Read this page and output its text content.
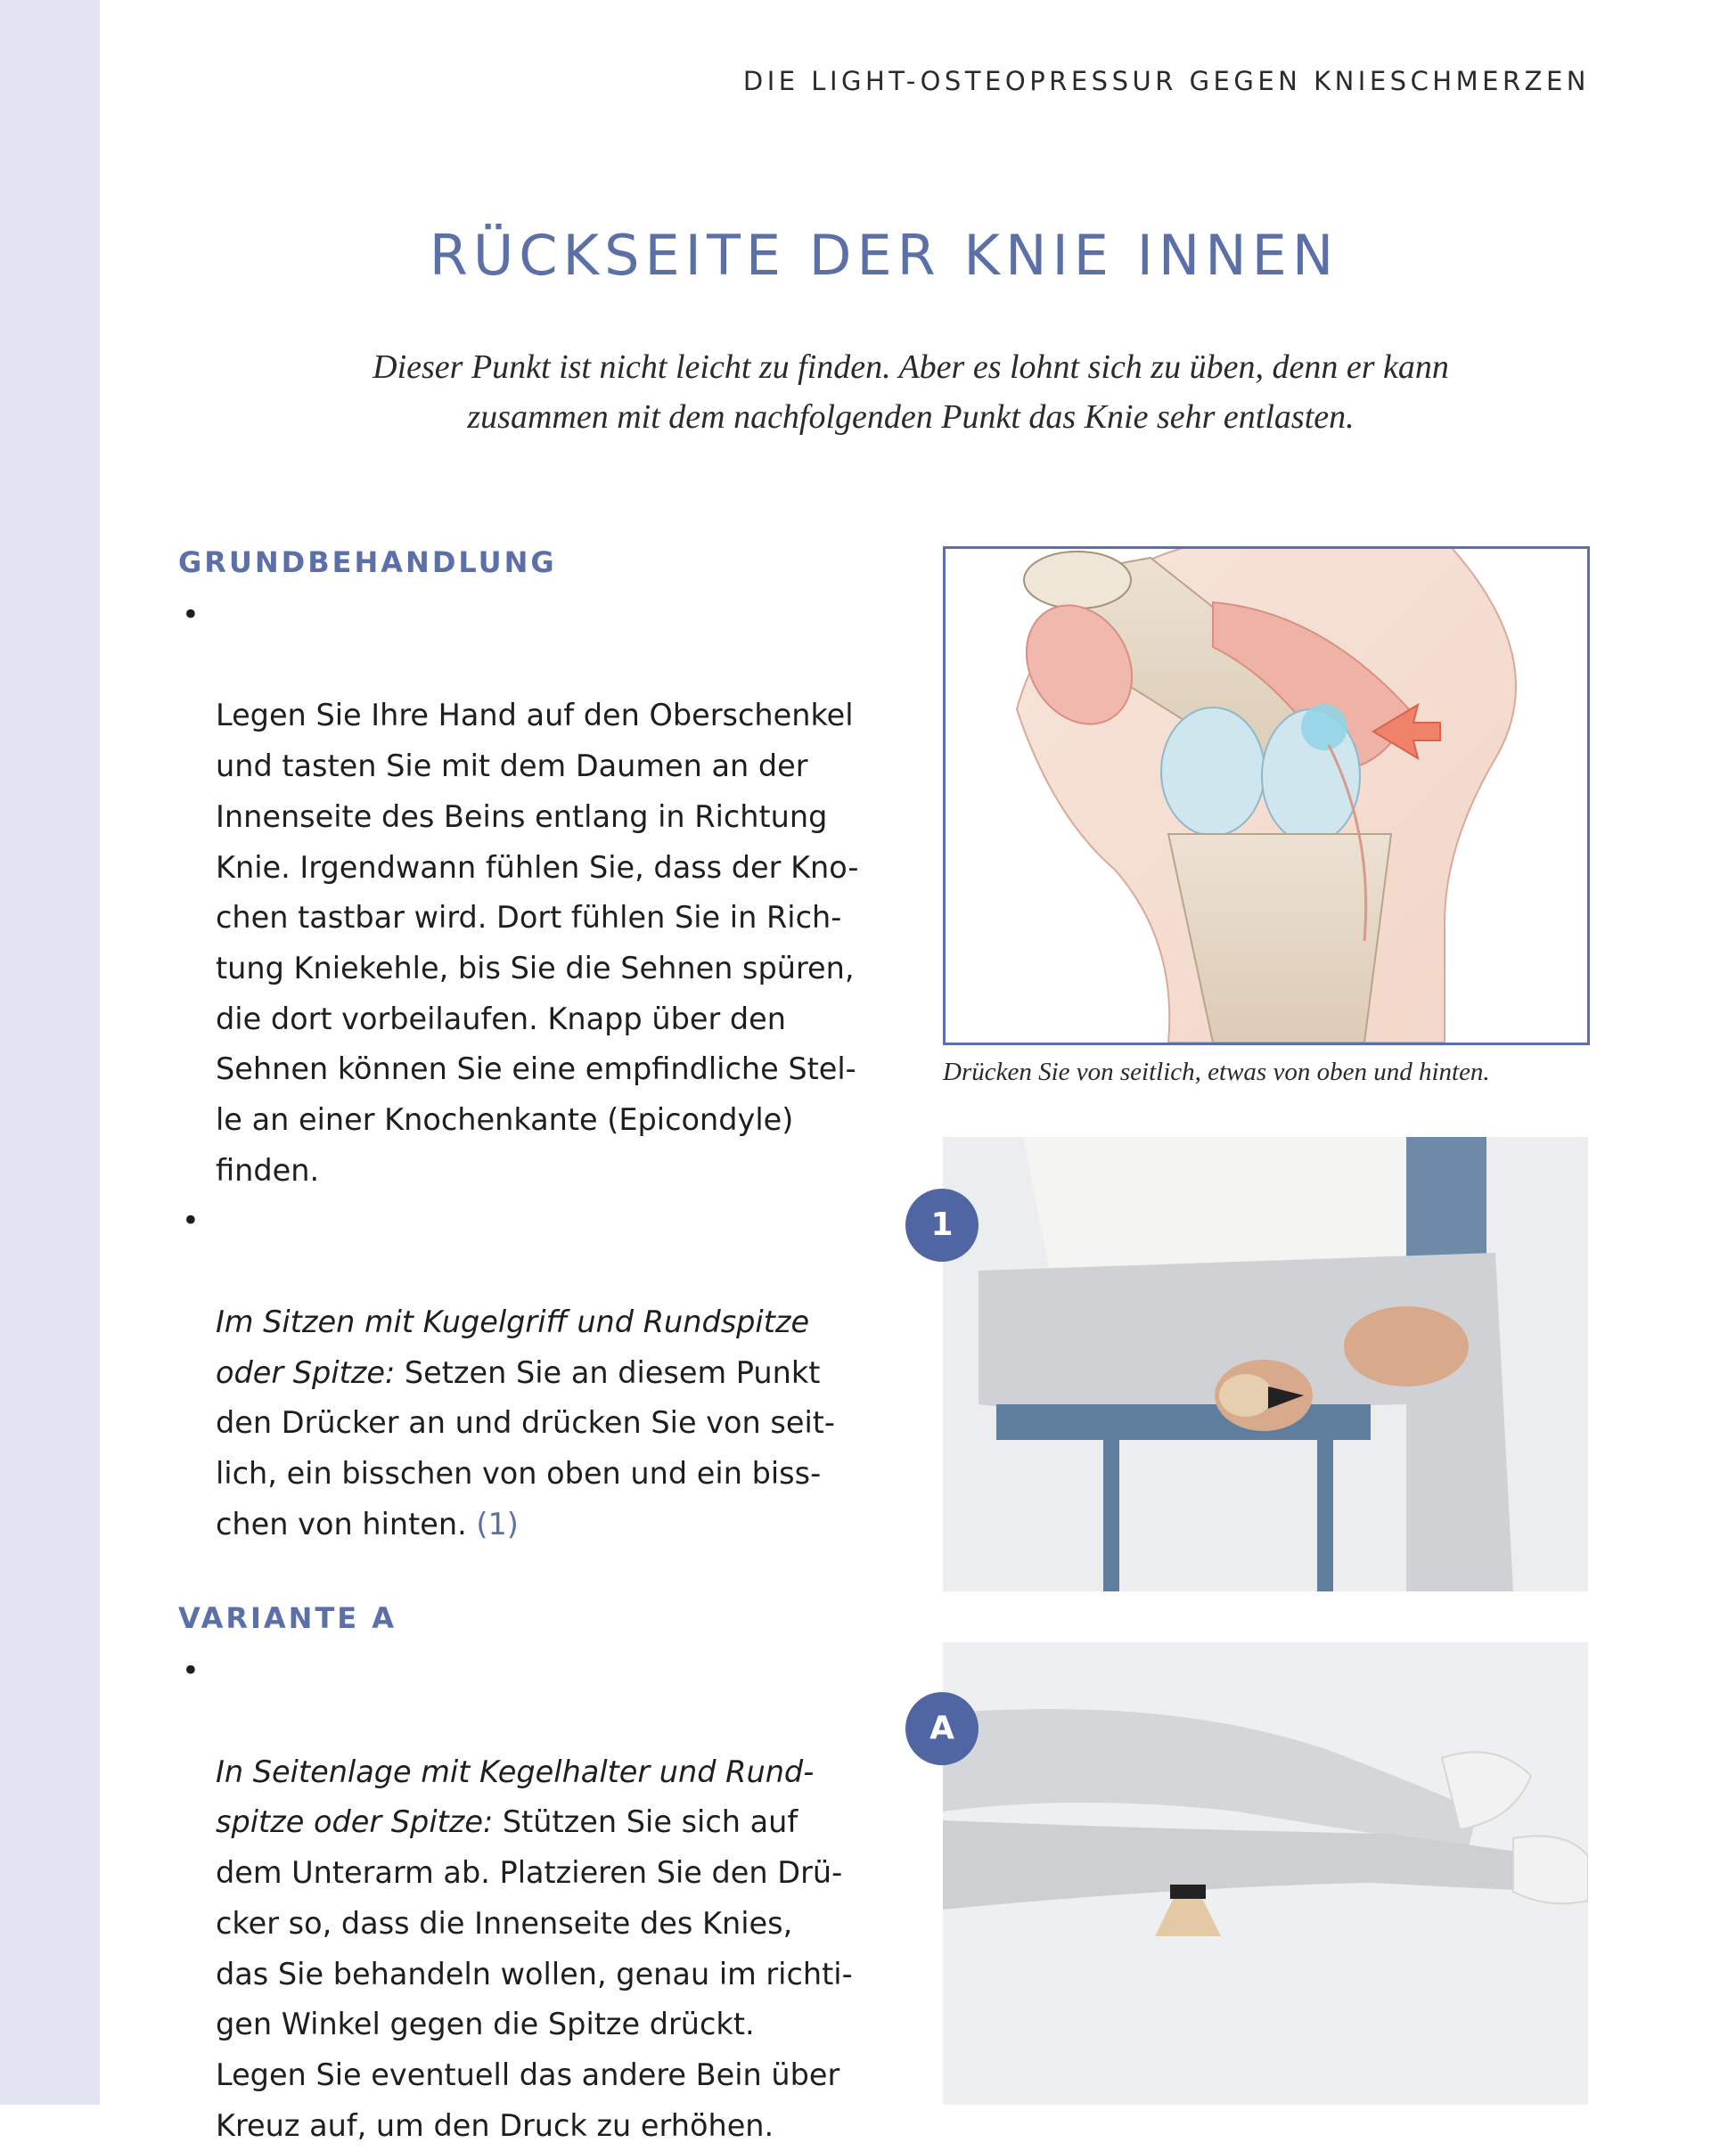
DIE LIGHT-OSTEOPRESSUR GEGEN KNIESCHMERZEN
RÜCKSEITE DER KNIE INNEN

Dieser Punkt ist nicht leicht zu finden. Aber es lohnt sich zu üben, denn er kann
zusammen mit dem nachfolgenden Punkt das Knie sehr entlasten.

GRUNDBEHANDLUNG

•

Legen Sie Ihre Hand auf den Oberschenkel
und tasten Sie mit dem Daumen an der
Innenseite des Beins entlang in Richtung
Knie. Irgendwann fühlen Sie, dass der Kno-
chen tastbar wird. Dort fühlen Sie in Rich-
tung Kniekehle, bis Sie die Sehnen spüren,
die dort vorbeilaufen. Knapp über den
Sehnen können Sie eine empfindliche Stel-
le an einer Knochenkante (Epicondyle)
finden.

•

Im Sitzen mit Kugelgriff und Rundspitze
oder Spitze: Setzen Sie an diesem Punkt
den Drücker an und drücken Sie von seit-
lich, ein bisschen von oben und ein biss-
chen von hinten. (1)

VARIANTE A

•

In Seitenlage mit Kegelhalter und Rund-
spitze oder Spitze: Stützen Sie sich auf
dem Unterarm ab. Platzieren Sie den Drü-
cker so, dass die Innenseite des Knies,
das Sie behandeln wollen, genau im richti-
gen Winkel gegen die Spitze drückt.
Legen Sie eventuell das andere Bein über
Kreuz auf, um den Druck zu erhöhen.

Drücken Sie von seitlich, etwas von oben und hinten.

1
A
